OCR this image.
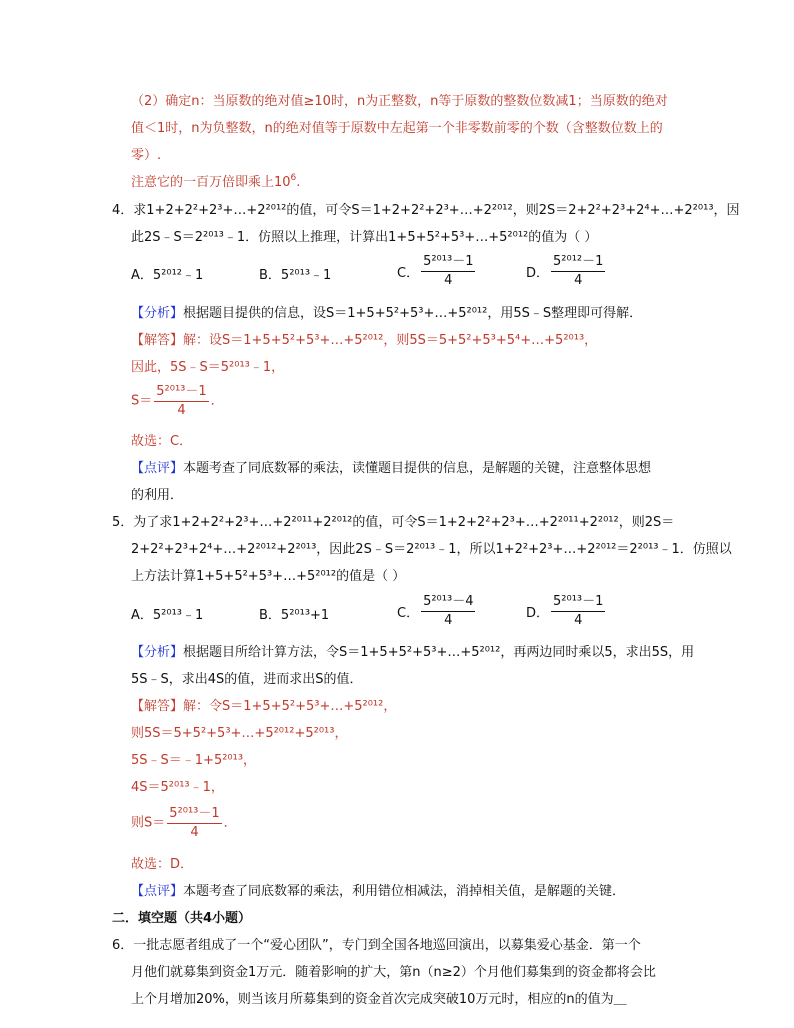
（2）确定n：当原数的绝对值≥10时，n为正整数，n等于原数的整数位数减1；当原数的绝对
值＜1时，n为负整数，n的绝对值等于原数中左起第一个非零数前零的个数（含整数位数上的
零）.
注意它的一百万倍即乘上$10^6$.
4．求1+2+2²+2³+…+2²⁰¹²的值，可令S＝1+2+2²+2³+…+2²⁰¹²，则2S＝2+2²+2³+2⁴+…+2²⁰¹³，因
此2S﹣S＝2²⁰¹³﹣1．仿照以上推理，计算出1+5+5²+5³+…+5²⁰¹²的值为（ ）
A．5²⁰¹²﹣1	B．5²⁰¹³﹣1	C． $\frac{\text{5²⁰¹³－1}}{4}$	D． $\frac{\text{5²⁰¹²－1}}{4}$
【分析】根据题目提供的信息，设S＝1+5+5²+5³+…+5²⁰¹²，用5S﹣S整理即可得解．
【解答】解：设S＝1+5+5²+5³+…+5²⁰¹²，则5S＝5+5²+5³+5⁴+…+5²⁰¹³，
因此，5S﹣S＝5²⁰¹³﹣1，
$S= \frac{\text{5²⁰¹³－1}}{4}$ ．
故选：C．
【点评】本题考查了同底数幂的乘法，读懂题目提供的信息，是解题的关键，注意整体思想
的利用．
5．为了求1+2+2²+2³+…+2²⁰¹¹+2²⁰¹²的值，可令S＝1+2+2²+2³+…+2²⁰¹¹+2²⁰¹²，则2S＝
2+2²+2³+2⁴+…+2²⁰¹²+2²⁰¹³，因此2S﹣S＝2²⁰¹³﹣1，所以1+2²+2³+…+2²⁰¹²＝2²⁰¹³﹣1．仿照以
上方法计算1+5+5²+5³+…+5²⁰¹²的值是（ ）
A．5²⁰¹³﹣1	B．5²⁰¹³+1	C． $\frac{\text{5²⁰¹³－4}}{4}$	D． $\frac{\text{5²⁰¹³－1}}{4}$
【分析】根据题目所给计算方法，令S＝1+5+5²+5³+…+5²⁰¹²，再两边同时乘以5，求出5S，用
5S﹣S，求出4S的值，进而求出S的值．
【解答】解：令S＝1+5+5²+5³+…+5²⁰¹²，
则5S＝5+5²+5³+…+5²⁰¹²+5²⁰¹³，
5S﹣S＝﹣1+5²⁰¹³，
4S＝5²⁰¹³﹣1，
则$S= \frac{\text{5²⁰¹³－1}}{4}$ ．
故选：D．
【点评】本题考查了同底数幂的乘法，利用错位相减法，消掉相关值，是解题的关键．
二．填空题（共4小题）
6．一批志愿者组成了一个“爱心团队”，专门到全国各地巡回演出，以募集爱心基金．第一个
月他们就募集到资金1万元．随着影响的扩大，第n（n≥2）个月他们募集到的资金都将会比
上个月增加20%，则当该月所募集到的资金首次完成突破10万元时，相应的n的值为＿
